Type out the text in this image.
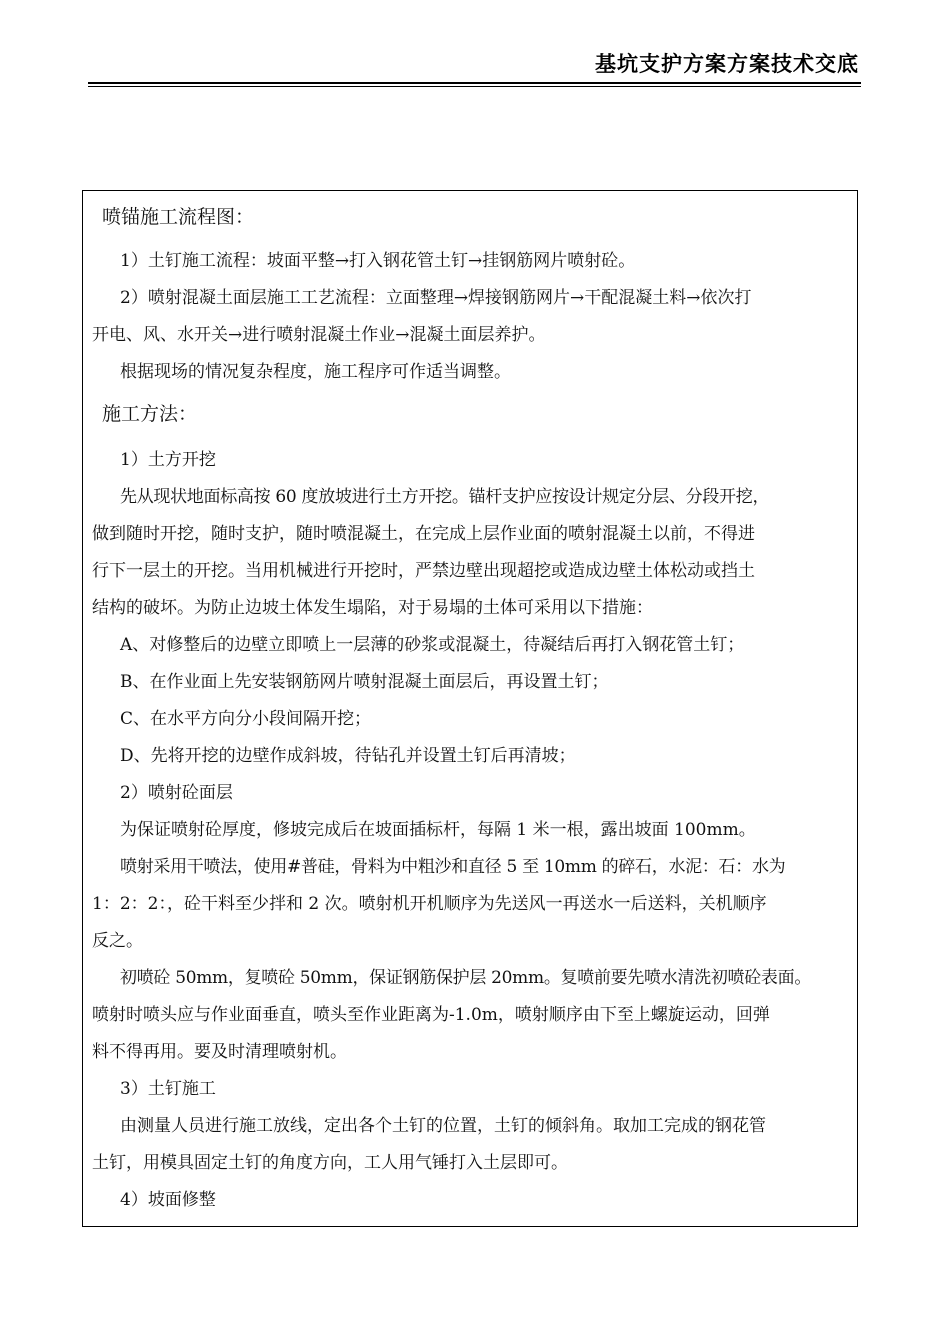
基坑支护方案方案技术交底
喷锚施工流程图：

1）土钉施工流程：坡面平整→打入钢花管土钉→挂钢筋网片喷射砼。

2）喷射混凝土面层施工工艺流程：立面整理→焊接钢筋网片→干配混凝土料→依次打

开电、风、水开关→进行喷射混凝土作业→混凝土面层养护。

根据现场的情况复杂程度，施工程序可作适当调整。

施工方法：

1）土方开挖

先从现状地面标高按 60 度放坡进行土方开挖。锚杆支护应按设计规定分层、分段开挖，

做到随时开挖，随时支护，随时喷混凝土，在完成上层作业面的喷射混凝土以前，不得进

行下一层土的开挖。当用机械进行开挖时，严禁边壁出现超挖或造成边壁土体松动或挡土

结构的破坏。为防止边坡土体发生塌陷，对于易塌的土体可采用以下措施：

A、对修整后的边壁立即喷上一层薄的砂浆或混凝土，待凝结后再打入钢花管土钉；

B、在作业面上先安装钢筋网片喷射混凝土面层后，再设置土钉；

C、在水平方向分小段间隔开挖；

D、先将开挖的边壁作成斜坡，待钻孔并设置土钉后再清坡；

2）喷射砼面层

为保证喷射砼厚度，修坡完成后在坡面插标杆，每隔 1 米一根，露出坡面 100mm。

喷射采用干喷法，使用#普硅，骨料为中粗沙和直径 5 至 10mm 的碎石，水泥：石：水为

1：2：2：，砼干料至少拌和 2 次。喷射机开机顺序为先送风一再送水一后送料，关机顺序

反之。

初喷砼 50mm，复喷砼 50mm，保证钢筋保护层 20mm。复喷前要先喷水清洗初喷砼表面。

喷射时喷头应与作业面垂直，喷头至作业距离为-1.0m，喷射顺序由下至上螺旋运动，回弹

料不得再用。要及时清理喷射机。

3）土钉施工

由测量人员进行施工放线，定出各个土钉的位置，土钉的倾斜角。取加工完成的钢花管

土钉，用模具固定土钉的角度方向，工人用气锤打入土层即可。

4）坡面修整
